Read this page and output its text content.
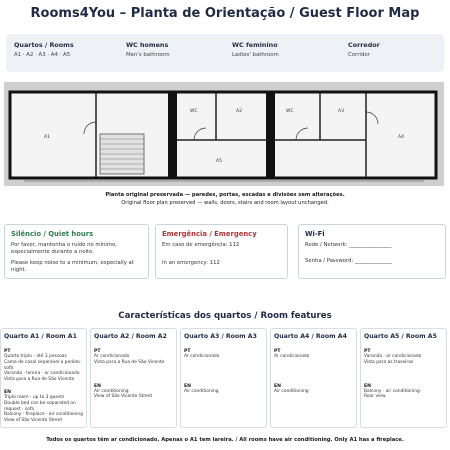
Rooms4You – Planta de Orientação / Guest Floor Map
Quartos / Rooms
A1 · A2 · A3 · A4 · A5
WC homens
Men's bathroom
WC feminino
Ladies' bathroom
Corredor
Corridor
WC	WC
A1
A2	A3
A4
A5
Planta original preservada — paredes, portas, escadas e divisões sem alterações.
Original floor plan preserved — walls, doors, stairs and room layout unchanged.
Silêncio / Quiet hours

Por favor, mantenha o ruído no mínimo, especialmente durante a noite.

Please keep noise to a minimum, especially at night.

Emergência / Emergency

Em caso de emergência: 112

In an emergency: 112

Wi-Fi

Rede / Network: ________________

Senha / Password: ______________

Características dos quartos / Room features
Quarto A1 / Room A1
PT
Quarto triplo - até 3 pessoas
Cama de casal separável a pedido · sofá
Varanda · lareira · ar condicionado
Vista para a Rua de São Vicente
EN
Triple room - up to 3 guests
Double bed can be separated on request · sofa
Balcony · fireplace · air conditioning
View of São Vicente Street
Quarto A2 / Room A2
PT
Ar condicionado
Vista para a Rua de São Vicente
EN
Air conditioning
View of São Vicente Street
Quarto A3 / Room A3
PT
Ar condicionado
EN
Air conditioning
Quarto A4 / Room A4
PT
Ar condicionado
EN
Air conditioning
Quarto A5 / Room A5
PT
Varanda · ar condicionado
Vista para as traseiras
EN
Balcony · air conditioning
Rear view
Todos os quartos têm ar condicionado. Apenas o A1 tem lareira. / All rooms have air conditioning. Only A1 has a fireplace.
